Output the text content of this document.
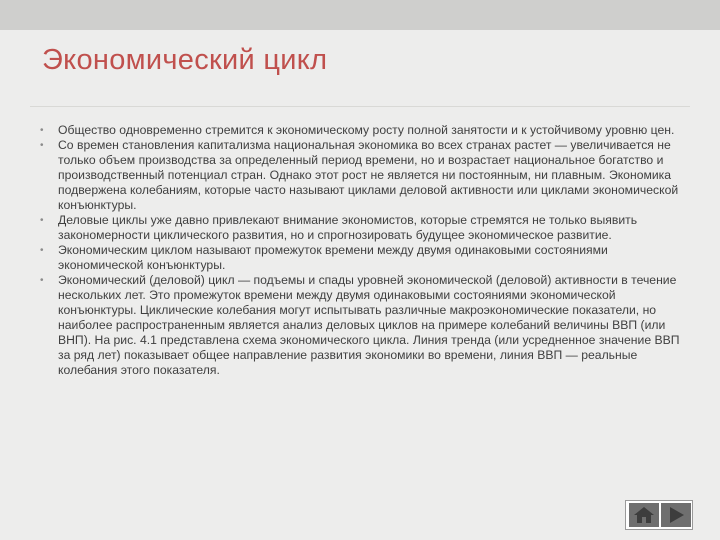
Экономический цикл
• Общество одновременно стремится к экономическому росту полной занятости и к устойчивому уровню цен.
• Со времен становления капитализма национальная экономика во всех странах растет — увеличивается не только объем производства за определенный период времени, но и возрастает национальное богатство и производственный потенциал стран. Однако этот рост не является ни постоянным, ни плавным. Экономика подвержена колебаниям, которые часто называют циклами деловой активности или циклами экономической конъюнктуры.
• Деловые циклы уже давно привлекают внимание экономистов, которые стремятся не только выявить закономерности циклического развития, но и спрогнозировать будущее экономическое развитие.
• Экономическим циклом называют промежуток времени между двумя одинаковыми состояниями экономической конъюнктуры.
• Экономический (деловой) цикл — подъемы и спады уровней экономической (деловой) активности в течение нескольких лет. Это промежуток времени между двумя одинаковыми состояниями экономической конъюнктуры. Циклические колебания могут испытывать различные макроэкономические показатели, но наиболее распространенным является анализ деловых циклов на примере колебаний величины ВВП (или ВНП). На рис. 4.1 представлена схема экономического цикла. Линия тренда (или усредненное значение ВВП за ряд лет) показывает общее направление развития экономики во времени, линия ВВП — реальные колебания этого показателя.
